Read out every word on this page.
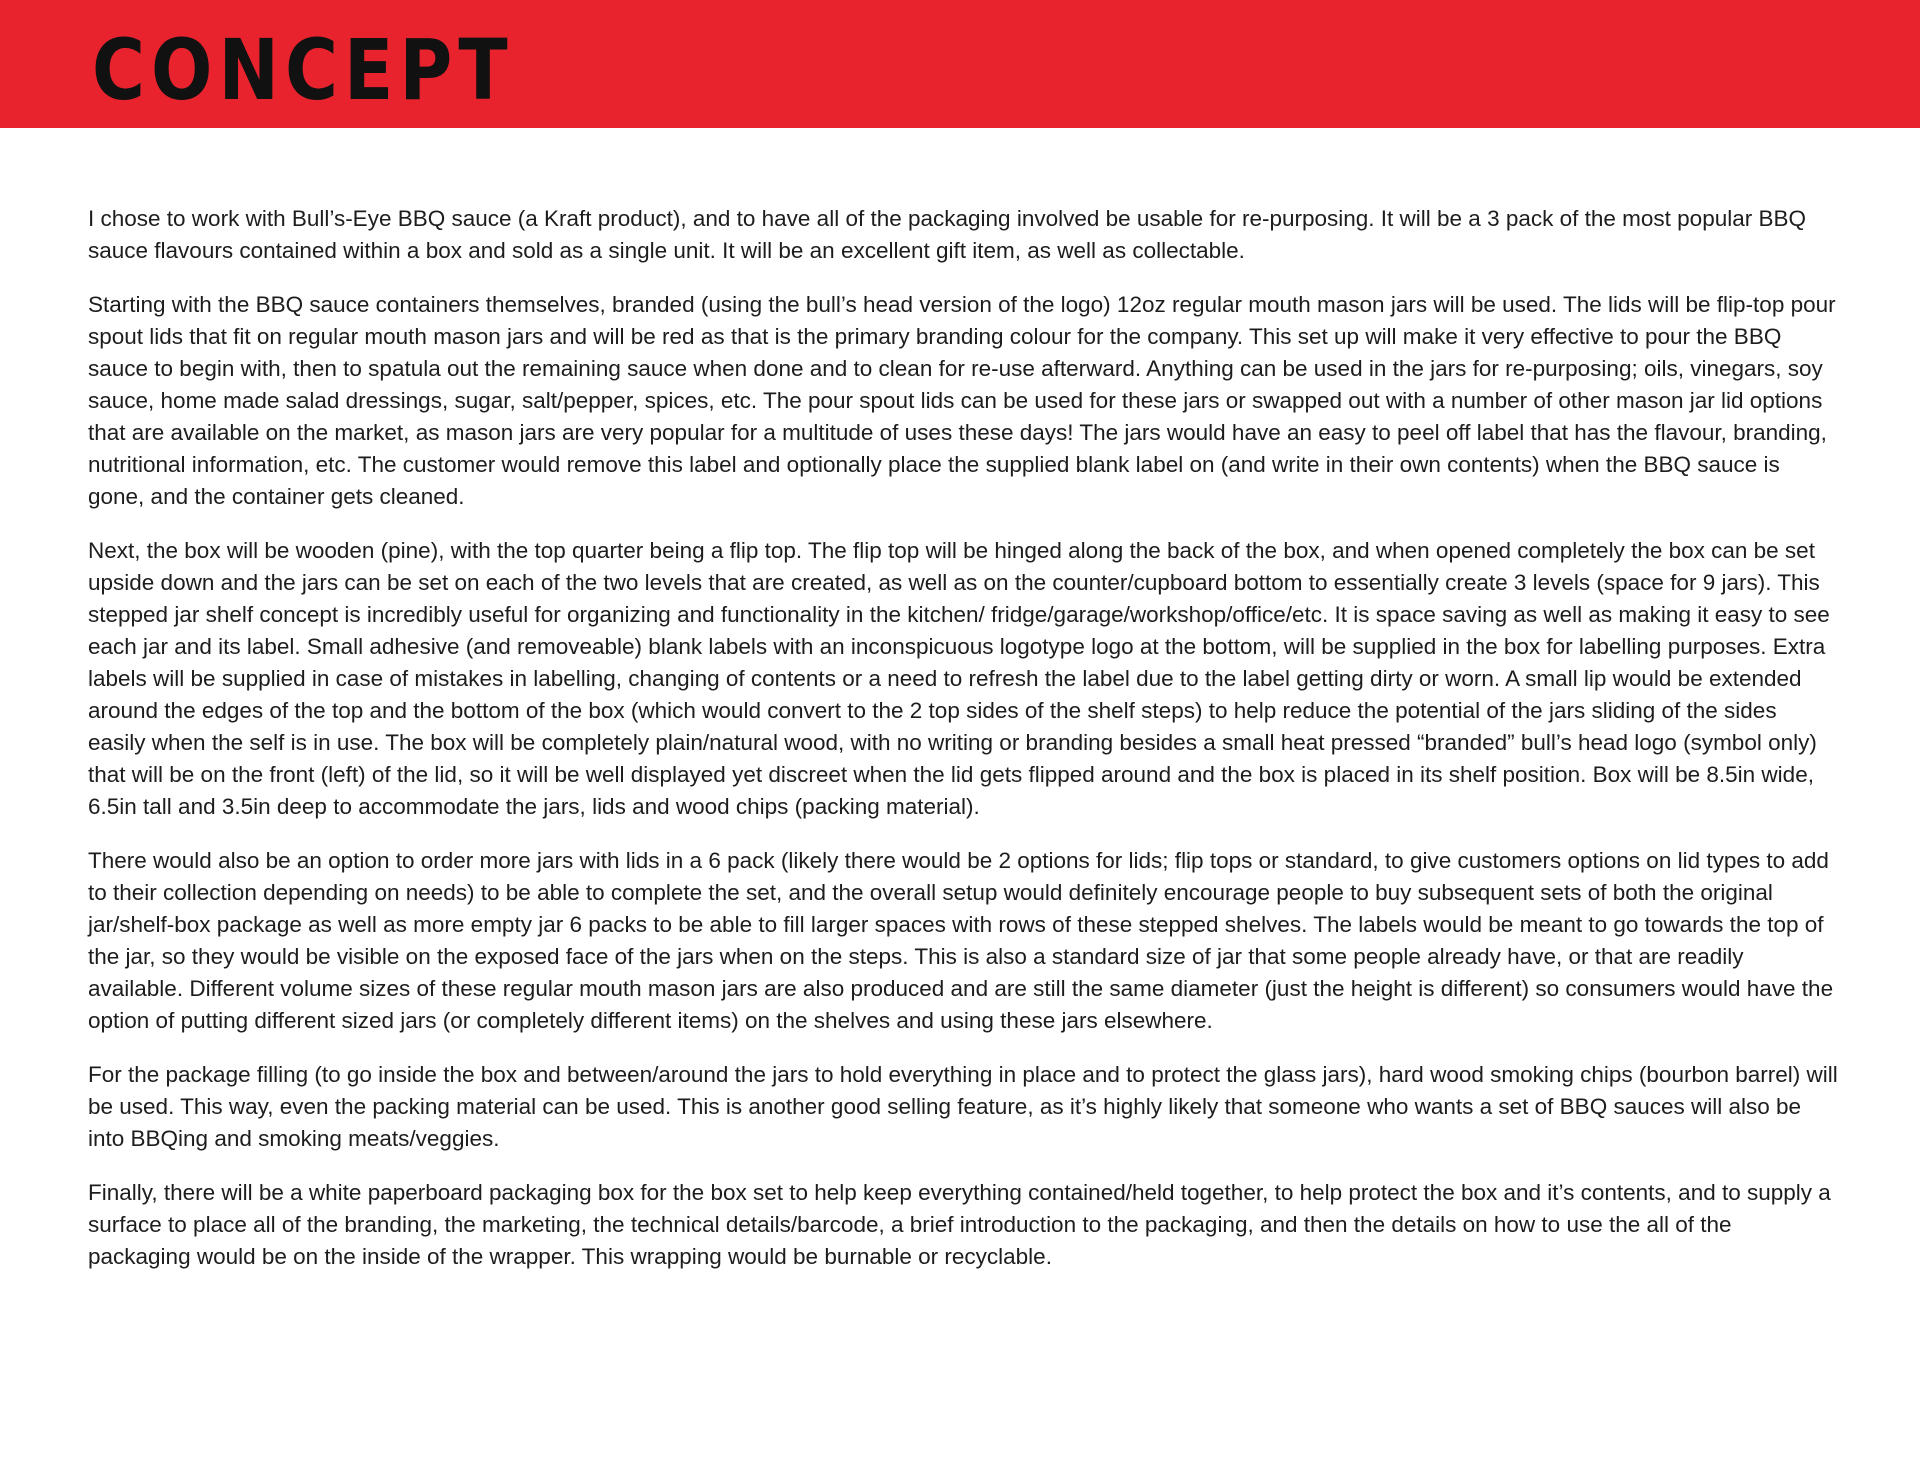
CONCEPT

I chose to work with Bull’s-Eye BBQ sauce (a Kraft product), and to have all of the packaging involved be usable for re-purposing. It will be a 3 pack of the most popular BBQ sauce flavours contained within a box and sold as a single unit. It will be an excellent gift item, as well as collectable.

Starting with the BBQ sauce containers themselves, branded (using the bull’s head version of the logo) 12oz regular mouth mason jars will be used. The lids will be flip-top pour spout lids that fit on regular mouth mason jars and will be red as that is the primary branding colour for the company. This set up will make it very effective to pour the BBQ sauce to begin with, then to spatula out the remaining sauce when done and to clean for re-use afterward. Anything can be used in the jars for re-purposing; oils, vinegars, soy sauce, home made salad dressings, sugar, salt/pepper, spices, etc. The pour spout lids can be used for these jars or swapped out with a number of other mason jar lid options that are available on the market, as mason jars are very popular for a multitude of uses these days! The jars would have an easy to peel off label that has the flavour, branding, nutritional information, etc. The customer would remove this label and optionally place the supplied blank label on (and write in their own contents) when the BBQ sauce is gone, and the container gets cleaned.

Next, the box will be wooden (pine), with the top quarter being a flip top. The flip top will be hinged along the back of the box, and when opened completely the box can be set upside down and the jars can be set on each of the two levels that are created, as well as on the counter/cupboard bottom to essentially create 3 levels (space for 9 jars). This stepped jar shelf concept is incredibly useful for organizing and functionality in the kitchen/ fridge/garage/workshop/office/etc. It is space saving as well as making it easy to see each jar and its label. Small adhesive (and removeable) blank labels with an inconspicuous logotype logo at the bottom, will be supplied in the box for labelling purposes. Extra labels will be supplied in case of mistakes in labelling, changing of contents or a need to refresh the label due to the label getting dirty or worn. A small lip would be extended around the edges of the top and the bottom of the box (which would convert to the 2 top sides of the shelf steps) to help reduce the potential of the jars sliding of the sides easily when the self is in use. The box will be completely plain/natural wood, with no writing or branding besides a small heat pressed “branded” bull’s head logo (symbol only) that will be on the front (left) of the lid, so it will be well displayed yet discreet when the lid gets flipped around and the box is placed in its shelf position. Box will be 8.5in wide, 6.5in tall and 3.5in deep to accommodate the jars, lids and wood chips (packing material).

There would also be an option to order more jars with lids in a 6 pack (likely there would be 2 options for lids; flip tops or standard, to give customers options on lid types to add to their collection depending on needs) to be able to complete the set, and the overall setup would definitely encourage people to buy subsequent sets of both the original jar/shelf-box package as well as more empty jar 6 packs to be able to fill larger spaces with rows of these stepped shelves. The labels would be meant to go towards the top of the jar, so they would be visible on the exposed face of the jars when on the steps. This is also a standard size of jar that some people already have, or that are readily available. Different volume sizes of these regular mouth mason jars are also produced and are still the same diameter (just the height is different) so consumers would have the option of putting different sized jars (or completely different items) on the shelves and using these jars elsewhere.

For the package filling (to go inside the box and between/around the jars to hold everything in place and to protect the glass jars), hard wood smoking chips (bourbon barrel) will be used. This way, even the packing material can be used. This is another good selling feature, as it’s highly likely that someone who wants a set of BBQ sauces will also be into BBQing and smoking meats/veggies.

Finally, there will be a white paperboard packaging box for the box set to help keep everything contained/held together, to help protect the box and it’s contents, and to supply a surface to place all of the branding, the marketing, the technical details/barcode, a brief introduction to the packaging, and then the details on how to use the all of the packaging would be on the inside of the wrapper. This wrapping would be burnable or recyclable.
